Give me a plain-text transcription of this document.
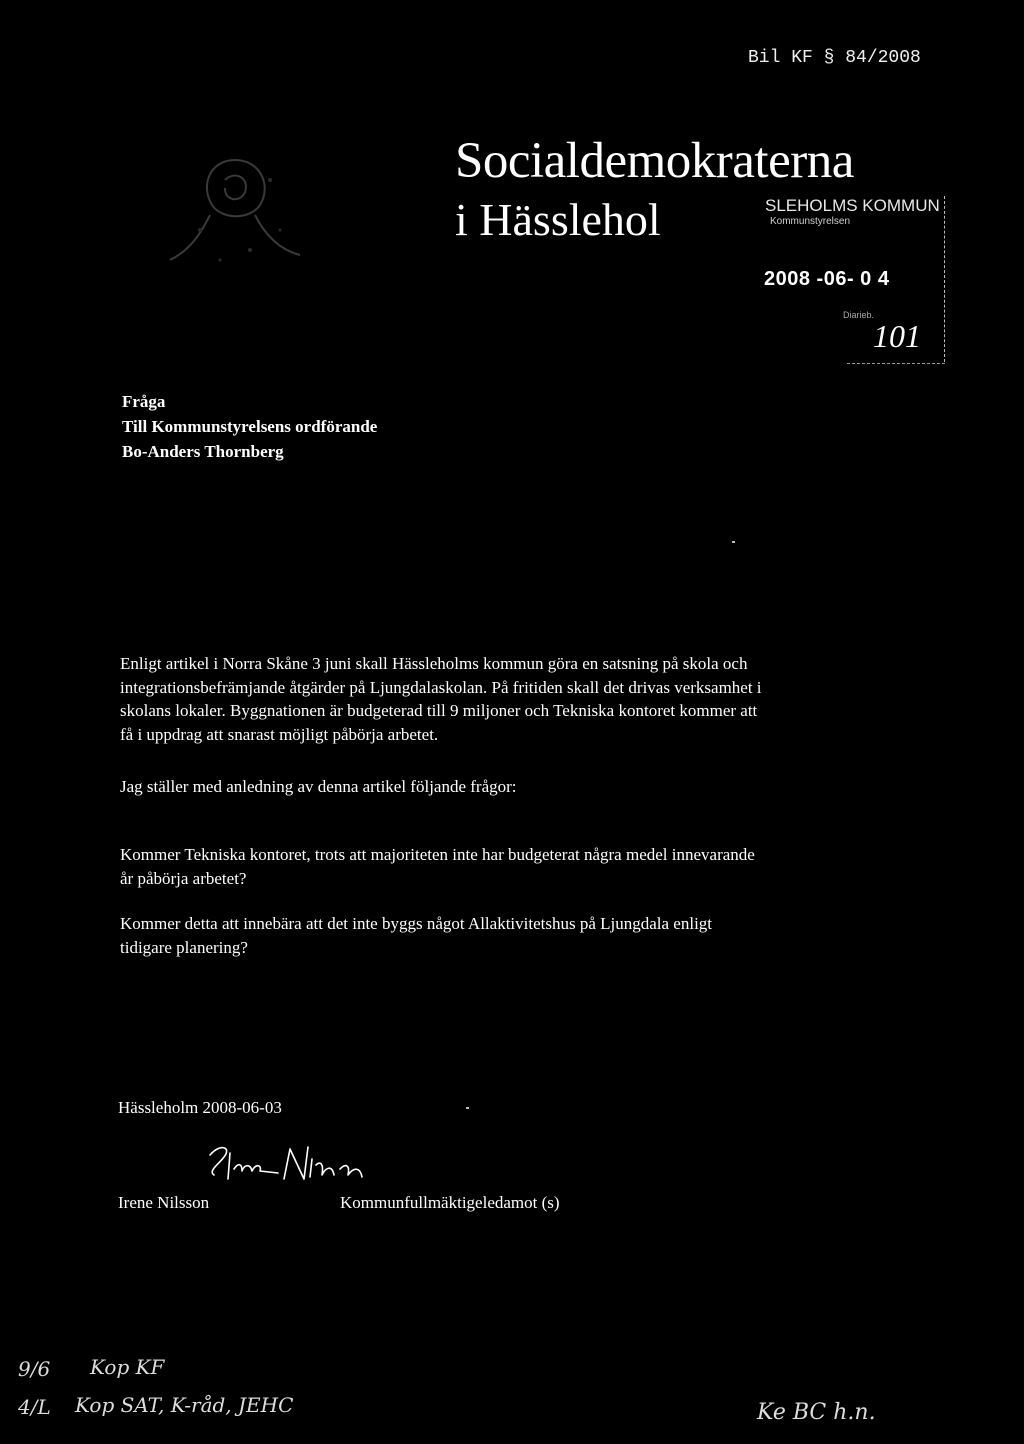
Bil KF § 84/2008
Socialdemokraterna
i Hässlehol	SLEHOLMS KOMMUN
Kommunstyrelsen
2008 -06- 0 4
Diarieb.
101
Fråga
Till Kommunstyrelsens ordförande
Bo-Anders Thornberg
Enligt artikel i Norra Skåne 3 juni skall Hässleholms kommun göra en satsning på skola och
integrationsbefrämjande åtgärder på Ljungdalaskolan. På fritiden skall det drivas verksamhet i
skolans lokaler. Byggnationen är budgeterad till 9 miljoner och Tekniska kontoret kommer att
få i uppdrag att snarast möjligt påbörja arbetet.
Jag ställer med anledning av denna artikel följande frågor:
Kommer Tekniska kontoret, trots att majoriteten inte har budgeterat några medel innevarande
år påbörja arbetet?
Kommer detta att innebära att det inte byggs något Allaktivitetshus på Ljungdala enligt
tidigare planering?
Hässleholm 2008-06-03
Irene Nilsson	Kommunfullmäktigeledamot (s)
9/6 Kop KF
4/L Kop SAT, K-råd, JEHC	Ke BC h.n.
